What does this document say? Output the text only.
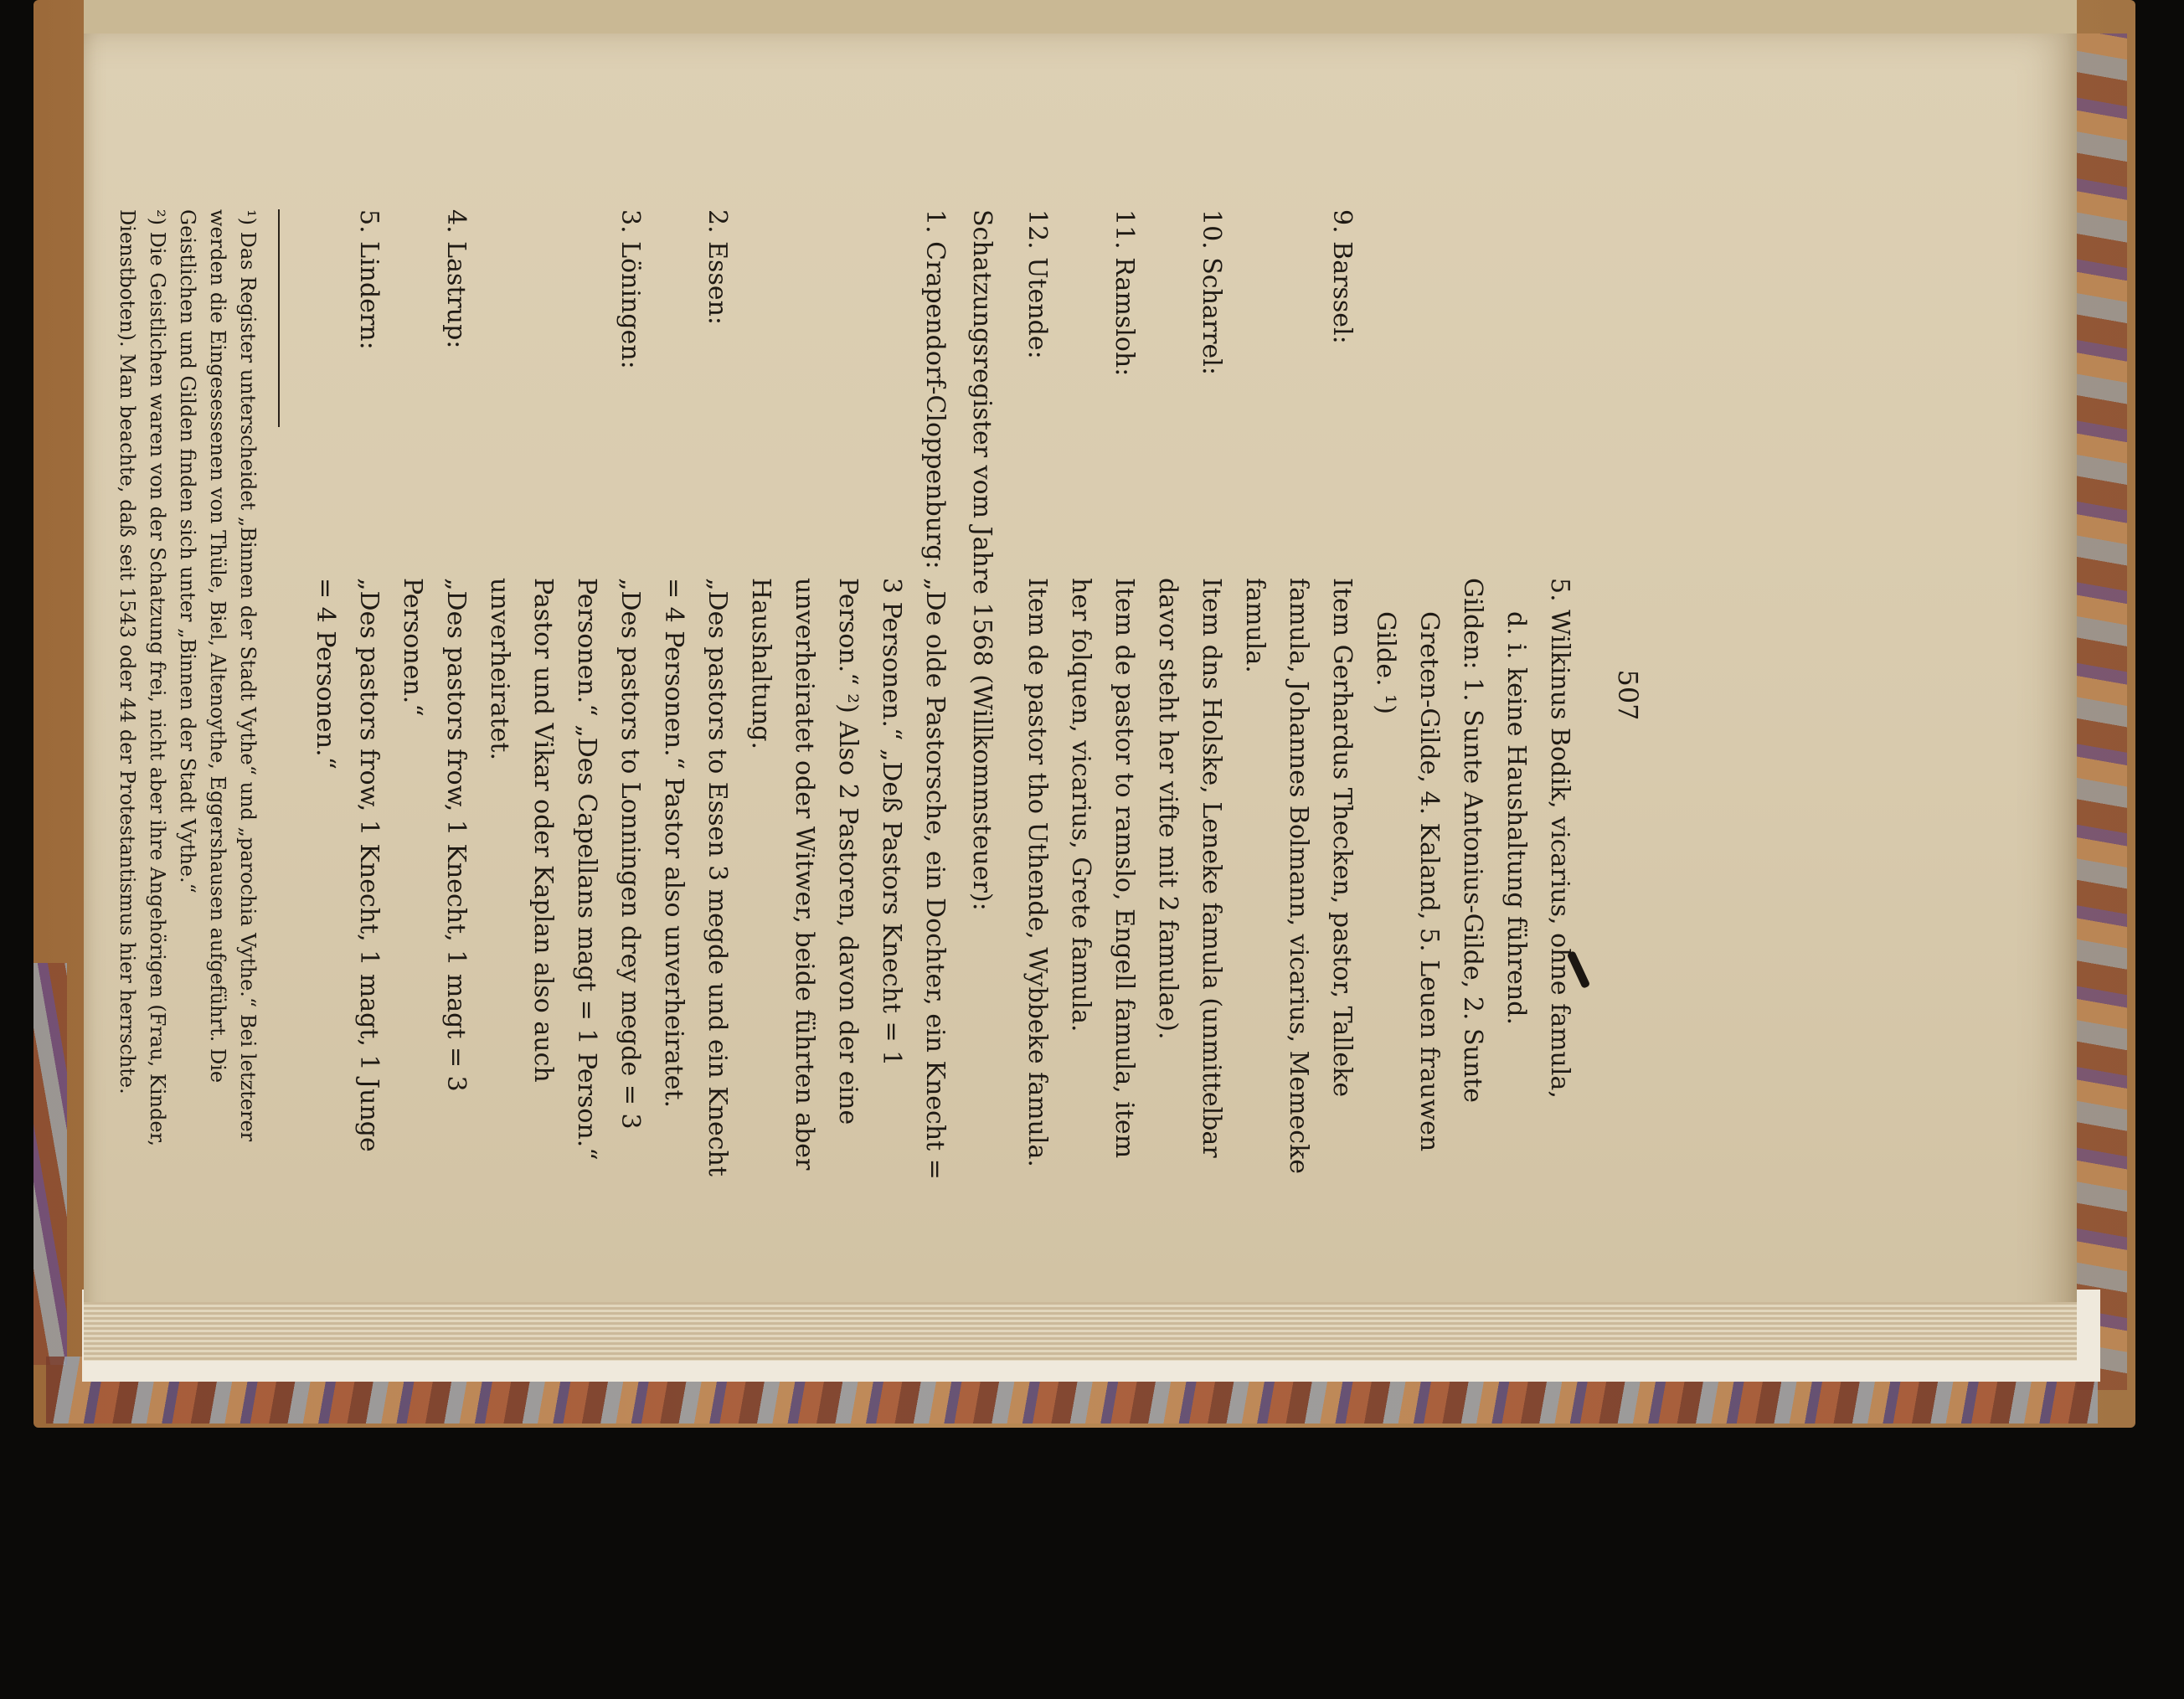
507
5. Wilkinus Bodik, vicarius, ohne famula,
d. i. keine Haushaltung führend.
Gilden: 1. Sunte Antonius-Gilde, 2. Sunte
Greten-Gilde, 4. Kaland, 5. Leuen frauwen
Gilde. ¹)
9. Barssel:
Item Gerhardus Thecken, pastor, Talleke famula, Johannes Bolmann, vicarius, Memecke famula.
10. Scharrel:
Item dns Holske, Leneke famula (unmittelbar davor steht her vifte mit 2 famulae).
11. Ramsloh:
Item de pastor to ramslo, Engell famula, item her folquen, vicarius, Grete famula.
12. Utende:
Item de pastor tho Uthende, Wybbeke famula.
Schatzungsregister vom Jahre 1568 (Willkommsteuer):
1. Crapendorf-Cloppenburg:
„De olde Pastorsche, ein Dochter, ein Knecht = 3 Personen.“ „Deß Pastors Knecht = 1 Person.“ ²) Also 2 Pastoren, davon der eine unverheiratet oder Witwer, beide führten aber Haushaltung.
2. Essen:
„Des pastors to Essen 3 megde und ein Knecht = 4 Personen.“ Pastor also unverheiratet.
3. Löningen:
„Des pastors to Lonningen drey megde = 3 Personen.“ „Des Capellans magt = 1 Person.“ Pastor und Vikar oder Kaplan also auch unverheiratet.
4. Lastrup:
„Des pastors frow, 1 Knecht, 1 magt = 3 Personen.“
5. Lindern:
„Des pastors frow, 1 Knecht, 1 magt, 1 Junge = 4 Personen.“
¹) Das Register unterscheidet „Binnen der Stadt Vythe“ und „parochia Vythe.“ Bei letzterer werden die Eingesessenen von Thüle, Biel, Altenoythe, Eggershausen aufgeführt. Die Geistlichen und Gilden finden sich unter „Binnen der Stadt Vythe.“
²) Die Geistlichen waren von der Schatzung frei, nicht aber ihre Angehörigen (Frau, Kinder, Dienstboten). Man beachte, daß seit 1543 oder 44 der Protestantismus hier herrschte.
